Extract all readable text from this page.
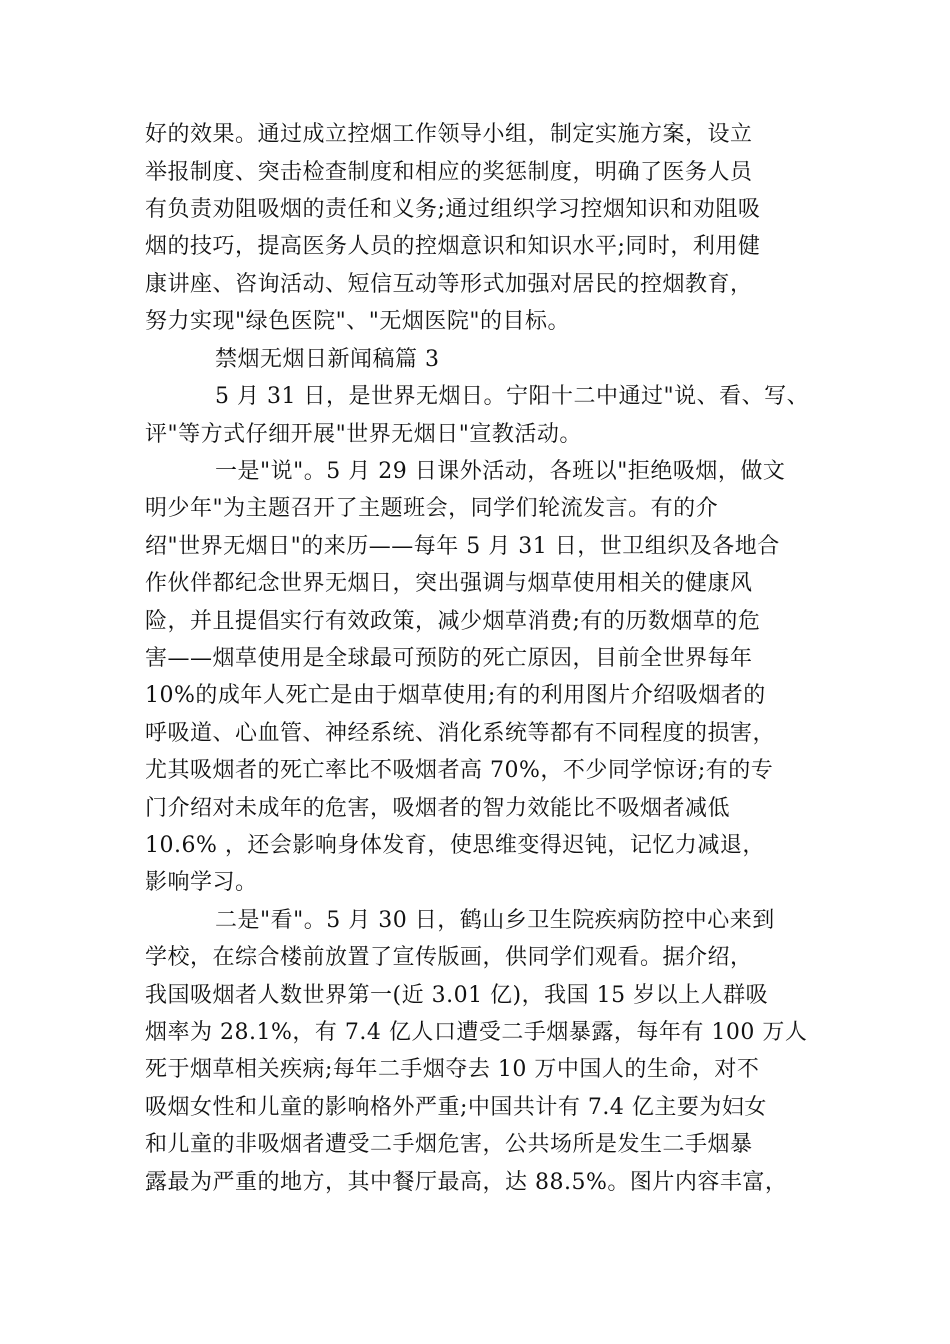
好的效果。通过成立控烟工作领导小组，制定实施方案，设立
举报制度、突击检查制度和相应的奖惩制度，明确了医务人员
有负责劝阻吸烟的责任和义务;通过组织学习控烟知识和劝阻吸
烟的技巧，提高医务人员的控烟意识和知识水平;同时，利用健
康讲座、咨询活动、短信互动等形式加强对居民的控烟教育，
努力实现"绿色医院"、"无烟医院"的目标。
禁烟无烟日新闻稿篇 3
5 月 31 日，是世界无烟日。宁阳十二中通过"说、看、写、
评"等方式仔细开展"世界无烟日"宣教活动。
一是"说"。5 月 29 日课外活动，各班以"拒绝吸烟，做文
明少年"为主题召开了主题班会，同学们轮流发言。有的介
绍"世界无烟日"的来历——每年 5 月 31 日，世卫组织及各地合
作伙伴都纪念世界无烟日，突出强调与烟草使用相关的健康风
险，并且提倡实行有效政策，减少烟草消费;有的历数烟草的危
害——烟草使用是全球最可预防的死亡原因，目前全世界每年
10%的成年人死亡是由于烟草使用;有的利用图片介绍吸烟者的
呼吸道、心血管、神经系统、消化系统等都有不同程度的损害，
尤其吸烟者的死亡率比不吸烟者高 70%，不少同学惊讶;有的专
门介绍对未成年的危害，吸烟者的智力效能比不吸烟者减低
10.6% ，还会影响身体发育，使思维变得迟钝，记忆力减退，
影响学习。
二是"看"。5 月 30 日，鹤山乡卫生院疾病防控中心来到
学校，在综合楼前放置了宣传版画，供同学们观看。据介绍，
我国吸烟者人数世界第一(近 3.01 亿)，我国 15 岁以上人群吸
烟率为 28.1%，有 7.4 亿人口遭受二手烟暴露，每年有 100 万人
死于烟草相关疾病;每年二手烟夺去 10 万中国人的生命，对不
吸烟女性和儿童的影响格外严重;中国共计有 7.4 亿主要为妇女
和儿童的非吸烟者遭受二手烟危害，公共场所是发生二手烟暴
露最为严重的地方，其中餐厅最高，达 88.5%。图片内容丰富，
